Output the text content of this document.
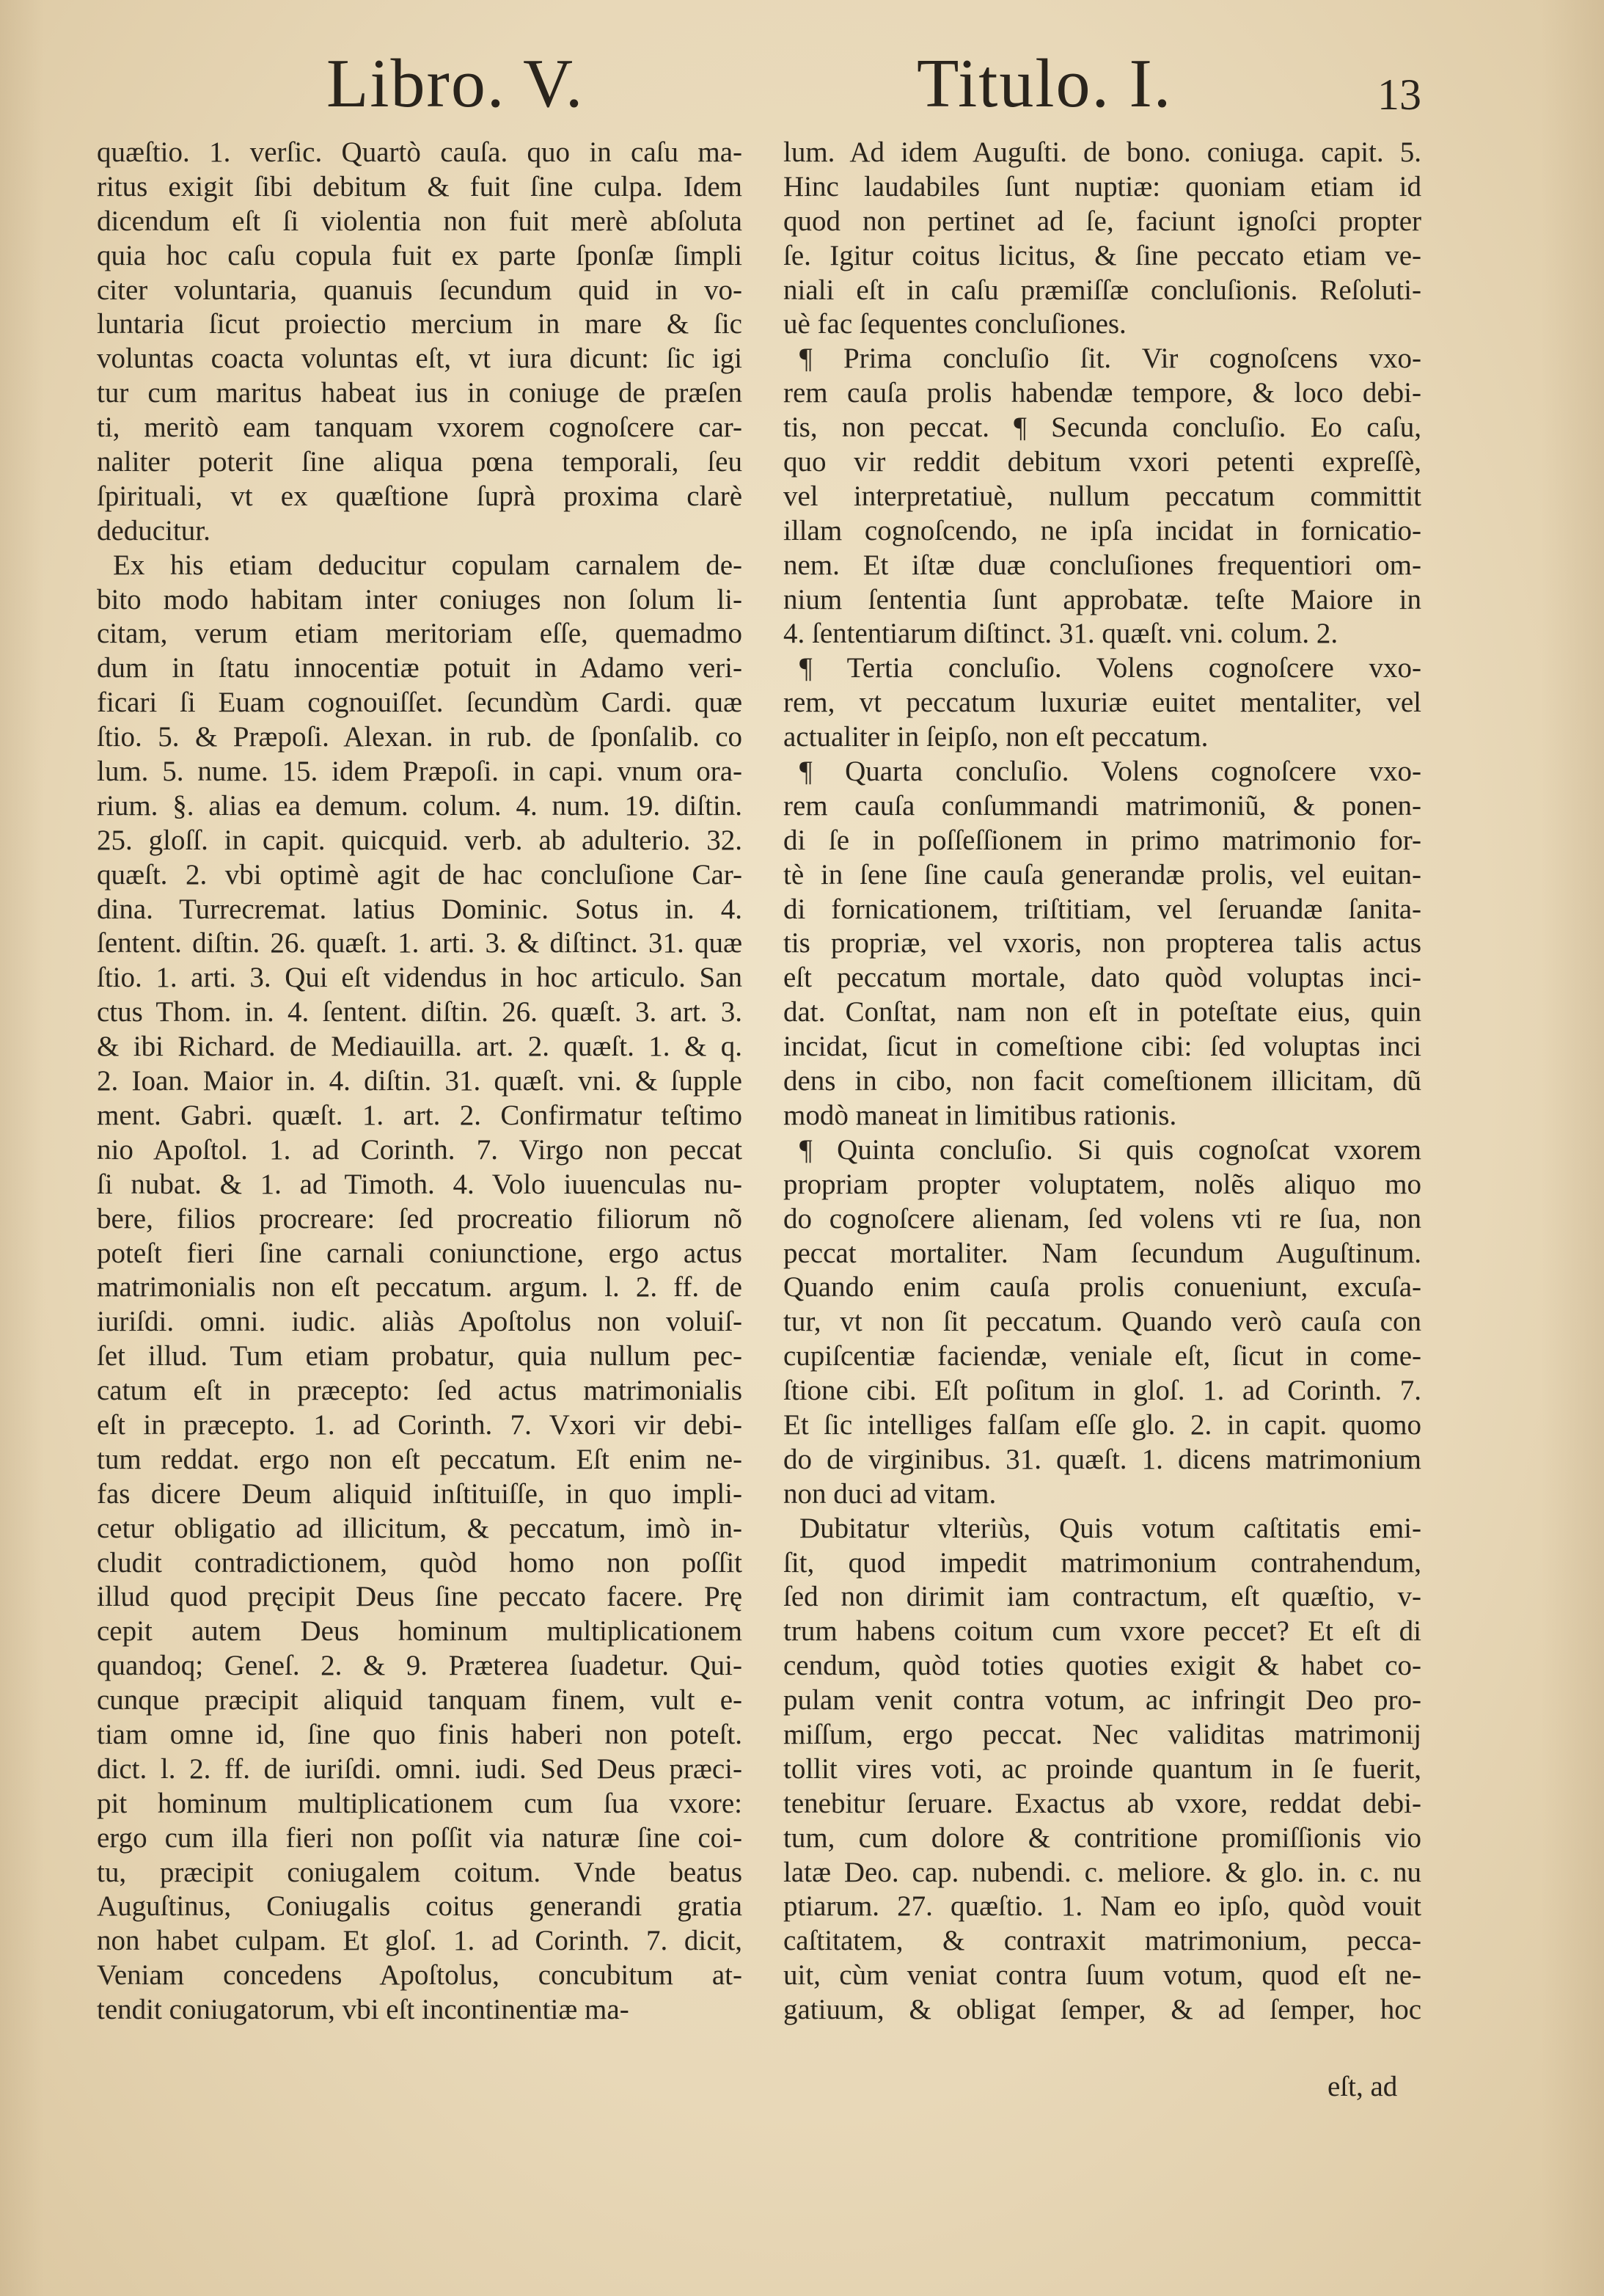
Libro. V.	Titulo. I.	13
quæſtio. 1. verſic. Quartò cauſa. quo in caſu ma-
ritus exigit ſibi debitum & fuit ſine culpa. Idem
dicendum eſt ſi violentia non fuit merè abſoluta
quia hoc caſu copula fuit ex parte ſponſæ ſimpli
citer voluntaria, quanuis ſecundum quid in vo-
luntaria ſicut proiectio mercium in mare & ſic
voluntas coacta voluntas eſt, vt iura dicunt: ſic igi
tur cum maritus habeat ius in coniuge de præſen
ti, meritò eam tanquam vxorem cognoſcere car-
naliter poterit ſine aliqua pœna temporali, ſeu
ſpirituali, vt ex quæſtione ſuprà proxima clarè
deducitur.
Ex his etiam deducitur copulam carnalem de-
bito modo habitam inter coniuges non ſolum li-
citam, verum etiam meritoriam eſſe, quemadmo
dum in ſtatu innocentiæ potuit in Adamo veri-
ficari ſi Euam cognouiſſet. ſecundùm Cardi. quæ
ſtio. 5. & Præpoſi. Alexan. in rub. de ſponſalib. co
lum. 5. nume. 15. idem Præpoſi. in capi. vnum ora-
rium. §. alias ea demum. colum. 4. num. 19. diſtin.
25. gloſſ. in capit. quicquid. verb. ab adulterio. 32.
quæſt. 2. vbi optimè agit de hac concluſione Car-
dina. Turrecremat. latius Dominic. Sotus in. 4.
ſentent. diſtin. 26. quæſt. 1. arti. 3. & diſtinct. 31. quæ
ſtio. 1. arti. 3. Qui eſt videndus in hoc articulo. San
ctus Thom. in. 4. ſentent. diſtin. 26. quæſt. 3. art. 3.
& ibi Richard. de Mediauilla. art. 2. quæſt. 1. & q.
2. Ioan. Maior in. 4. diſtin. 31. quæſt. vni. & ſupple
ment. Gabri. quæſt. 1. art. 2. Confirmatur teſtimo
nio Apoſtol. 1. ad Corinth. 7. Virgo non peccat
ſi nubat. & 1. ad Timoth. 4. Volo iuuenculas nu-
bere, filios procreare: ſed procreatio filiorum nõ
poteſt fieri ſine carnali coniunctione, ergo actus
matrimonialis non eſt peccatum. argum. l. 2. ff. de
iuriſdi. omni. iudic. aliàs Apoſtolus non voluiſ-
ſet illud. Tum etiam probatur, quia nullum pec-
catum eſt in præcepto: ſed actus matrimonialis
eſt in præcepto. 1. ad Corinth. 7. Vxori vir debi-
tum reddat. ergo non eſt peccatum. Eſt enim ne-
fas dicere Deum aliquid inſtituiſſe, in quo impli-
cetur obligatio ad illicitum, & peccatum, imò in-
cludit contradictionem, quòd homo non poſſit
illud quod pręcipit Deus ſine peccato facere. Prę
cepit autem Deus hominum multiplicationem
quandoq; Geneſ. 2. & 9. Præterea ſuadetur. Qui-
cunque præcipit aliquid tanquam finem, vult e-
tiam omne id, ſine quo finis haberi non poteſt.
dict. l. 2. ff. de iuriſdi. omni. iudi. Sed Deus præci-
pit hominum multiplicationem cum ſua vxore:
ergo cum illa fieri non poſſit via naturæ ſine coi-
tu, præcipit coniugalem coitum. Vnde beatus
Auguſtinus, Coniugalis coitus generandi gratia
non habet culpam. Et gloſ. 1. ad Corinth. 7. dicit,
Veniam concedens Apoſtolus, concubitum at-
tendit coniugatorum, vbi eſt incontinentiæ ma-
lum. Ad idem Auguſti. de bono. coniuga. capit. 5.
Hinc laudabiles ſunt nuptiæ: quoniam etiam id
quod non pertinet ad ſe, faciunt ignoſci propter
ſe. Igitur coitus licitus, & ſine peccato etiam ve-
niali eſt in caſu præmiſſæ concluſionis. Reſoluti-
uè fac ſequentes concluſiones.
¶ Prima concluſio ſit. Vir cognoſcens vxo-
rem cauſa prolis habendæ tempore, & loco debi-
tis, non peccat. ¶ Secunda concluſio. Eo caſu,
quo vir reddit debitum vxori petenti expreſſè,
vel interpretatiuè, nullum peccatum committit
illam cognoſcendo, ne ipſa incidat in fornicatio-
nem. Et iſtæ duæ concluſiones frequentiori om-
nium ſententia ſunt approbatæ. teſte Maiore in
4. ſententiarum diſtinct. 31. quæſt. vni. colum. 2.
¶ Tertia concluſio. Volens cognoſcere vxo-
rem, vt peccatum luxuriæ euitet mentaliter, vel
actualiter in ſeipſo, non eſt peccatum.
¶ Quarta concluſio. Volens cognoſcere vxo-
rem cauſa conſummandi matrimoniũ, & ponen-
di ſe in poſſeſſionem in primo matrimonio for-
tè in ſene ſine cauſa generandæ prolis, vel euitan-
di fornicationem, triſtitiam, vel ſeruandæ ſanita-
tis propriæ, vel vxoris, non propterea talis actus
eſt peccatum mortale, dato quòd voluptas inci-
dat. Conſtat, nam non eſt in poteſtate eius, quin
incidat, ſicut in comeſtione cibi: ſed voluptas inci
dens in cibo, non facit comeſtionem illicitam, dũ
modò maneat in limitibus rationis.
¶ Quinta concluſio. Si quis cognoſcat vxorem
propriam propter voluptatem, nolẽs aliquo mo
do cognoſcere alienam, ſed volens vti re ſua, non
peccat mortaliter. Nam ſecundum Auguſtinum.
Quando enim cauſa prolis conueniunt, excuſa-
tur, vt non ſit peccatum. Quando verò cauſa con
cupiſcentiæ faciendæ, veniale eſt, ſicut in come-
ſtione cibi. Eſt poſitum in gloſ. 1. ad Corinth. 7.
Et ſic intelliges falſam eſſe glo. 2. in capit. quomo
do de virginibus. 31. quæſt. 1. dicens matrimonium
non duci ad vitam.
Dubitatur vlteriùs, Quis votum caſtitatis emi-
ſit, quod impedit matrimonium contrahendum,
ſed non dirimit iam contractum, eſt quæſtio, v-
trum habens coitum cum vxore peccet? Et eſt di
cendum, quòd toties quoties exigit & habet co-
pulam venit contra votum, ac infringit Deo pro-
miſſum, ergo peccat. Nec validitas matrimonij
tollit vires voti, ac proinde quantum in ſe fuerit,
tenebitur ſeruare. Exactus ab vxore, reddat debi-
tum, cum dolore & contritione promiſſionis vio
latæ Deo. cap. nubendi. c. meliore. & glo. in. c. nu
ptiarum. 27. quæſtio. 1. Nam eo ipſo, quòd vouit
caſtitatem, & contraxit matrimonium, pecca-
uit, cùm veniat contra ſuum votum, quod eſt ne-
gatiuum, & obligat ſemper, & ad ſemper, hoc
eſt, ad
